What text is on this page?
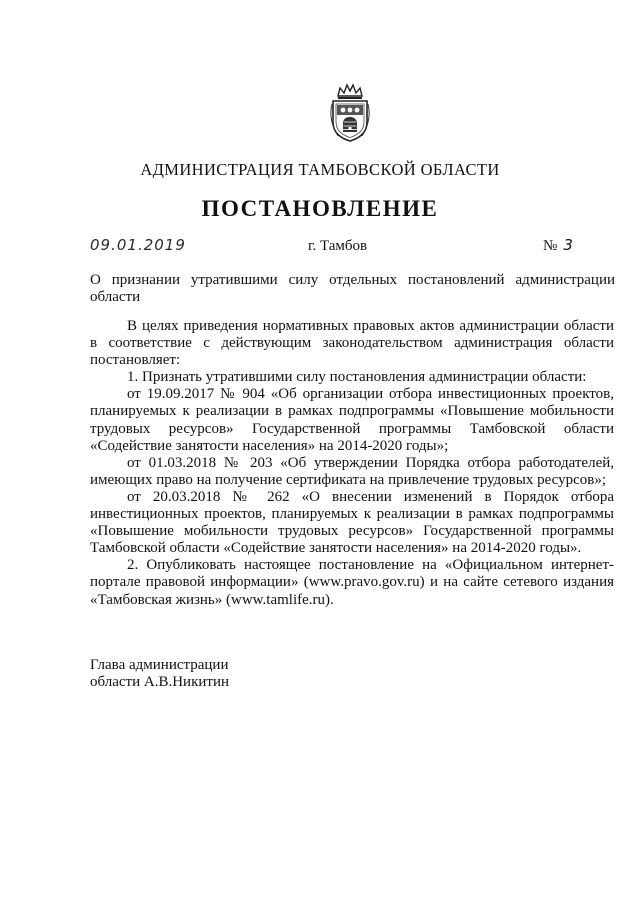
АДМИНИСТРАЦИЯ ТАМБОВСКОЙ ОБЛАСТИ
ПОСТАНОВЛЕНИЕ
09.01.2019	г. Тамбов	№ 3
О признании утратившими силу отдельных постановлений администрации области

В целях приведения нормативных правовых актов администрации области в соответствие с действующим законодательством администрация области постановляет:

1. Признать утратившими силу постановления администрации области:

от 19.09.2017 № 904 «Об организации отбора инвестиционных проектов, планируемых к реализации в рамках подпрограммы «Повышение мобильности трудовых ресурсов» Государственной программы Тамбовской области «Содействие занятости населения» на 2014-2020 годы»;

от 01.03.2018 № 203 «Об утверждении Порядка отбора работодателей, имеющих право на получение сертификата на привлечение трудовых ресурсов»;

от 20.03.2018 № 262 «О внесении изменений в Порядок отбора инвестиционных проектов, планируемых к реализации в рамках подпрограммы «Повышение мобильности трудовых ресурсов» Государственной программы Тамбовской области «Содействие занятости населения» на 2014-2020 годы».

2. Опубликовать настоящее постановление на «Официальном интернет-портале правовой информации» (www.pravo.gov.ru) и на сайте сетевого издания «Тамбовская жизнь» (www.tamlife.ru).

Глава администрации
области А.В.Никитин
